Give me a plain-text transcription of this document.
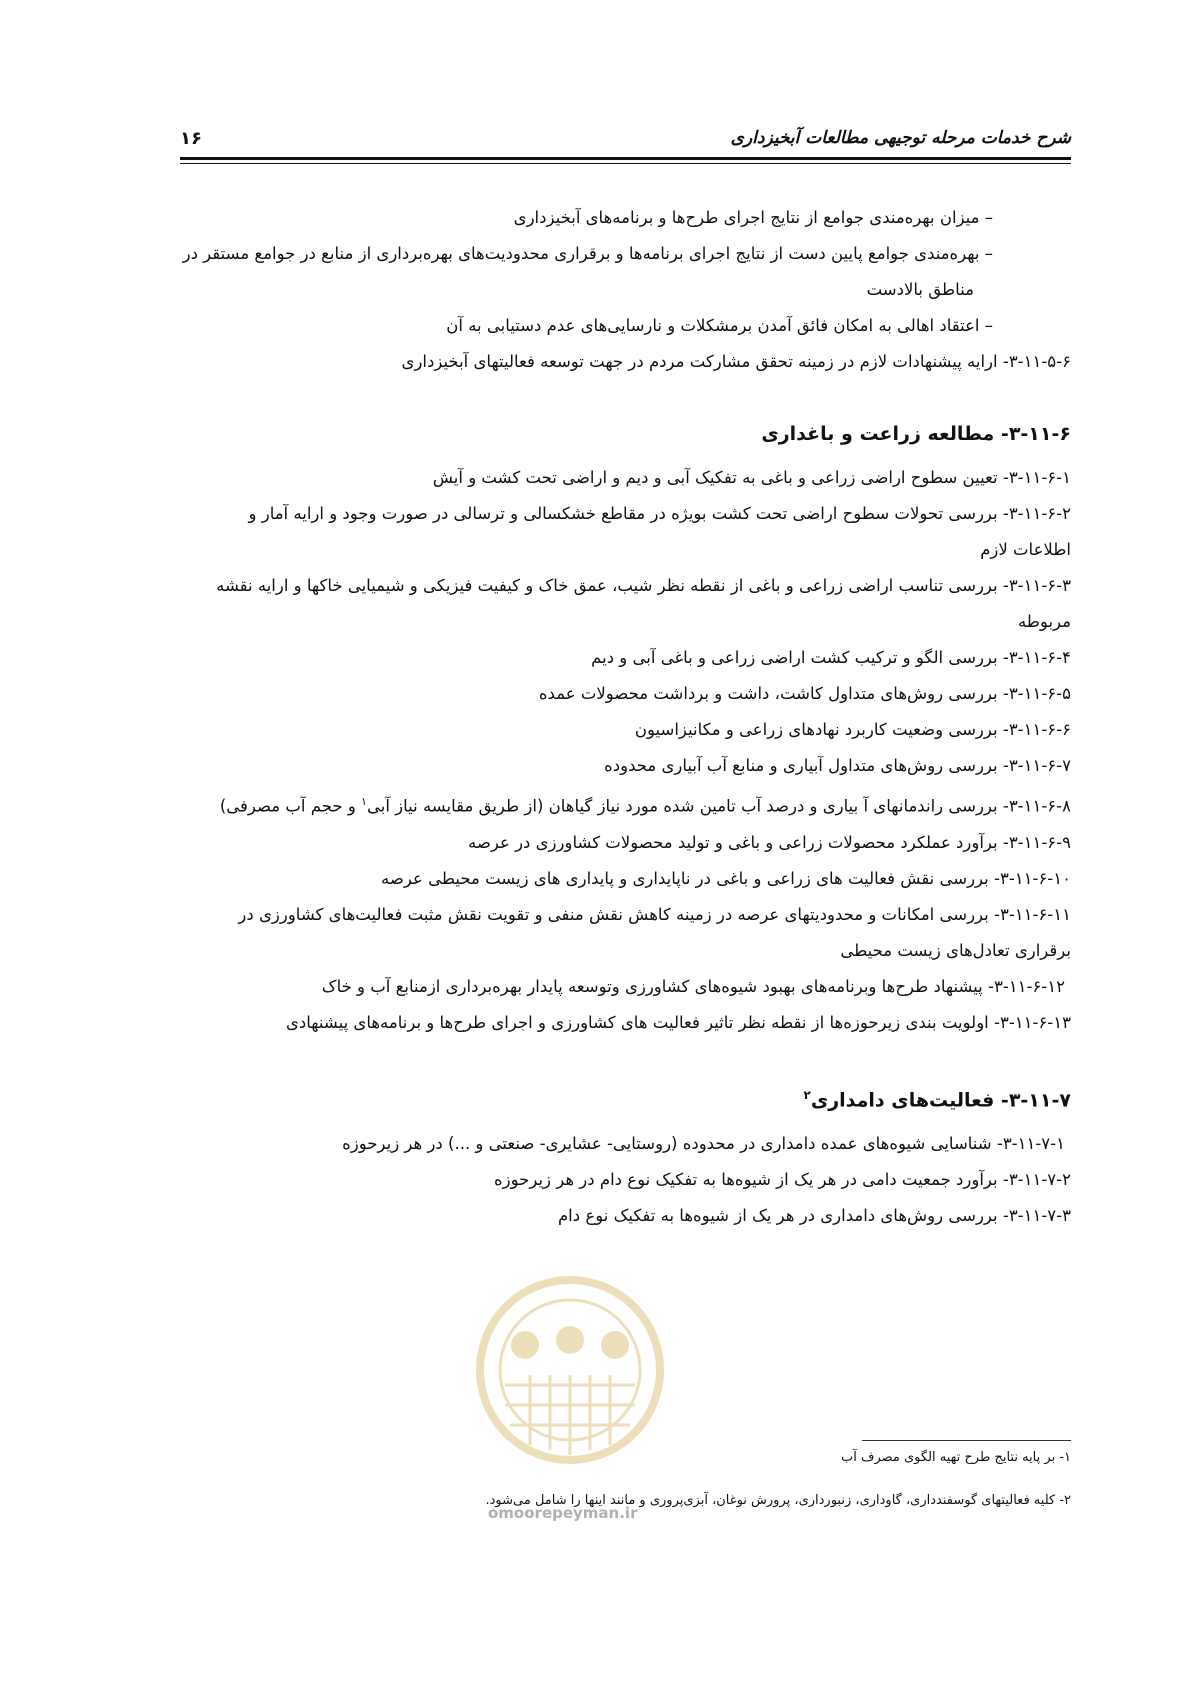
شرح خدمات مرحله توجیهی مطالعات آبخیزداری
۱۶
– میزان بهره‌مندی جوامع از نتایج اجرای طرح‌ها و برنامه‌های آبخیزداری
– بهره‌مندی جوامع پایین دست از نتایج اجرای برنامه‌ها و برقراری محدودیت‌های بهره‌برداری از منابع در جوامع مستقر در
مناطق بالادست
– اعتقاد اهالی به امکان فائق آمدن برمشکلات و نارسایی‌های عدم دستیابی به آن
۳-۱۱-۵-۶- ارایه پیشنهادات لازم در زمینه تحقق مشارکت مردم در جهت توسعه فعالیتهای آبخیزداری
۳-۱۱-۶- مطالعه زراعت و باغداری
۳-۱۱-۶-۱- تعیین سطوح اراضی زراعی و باغی به تفکیک آبی و دیم و اراضی تحت کشت و آیش
۳-۱۱-۶-۲- بررسی تحولات سطوح اراضی تحت کشت بویژه در مقاطع خشکسالی و ترسالی در صورت وجود و ارایه آمار و
اطلاعات لازم
۳-۱۱-۶-۳- بررسی تناسب اراضی زراعی و باغی از نقطه نظر شیب، عمق خاک و کیفیت فیزیکی و شیمیایی خاکها و ارایه نقشه
مربوطه
۳-۱۱-۶-۴- بررسی الگو و ترکیب کشت اراضی زراعی و باغی آبی و دیم
۳-۱۱-۶-۵- بررسی روش‌های متداول کاشت، داشت و برداشت محصولات عمده
۳-۱۱-۶-۶- بررسی وضعیت کاربرد نهادهای زراعی و مکانیزاسیون
۳-۱۱-۶-۷- بررسی روش‌های متداول آبیاری و منابع آب آبیاری محدوده
۳-۱۱-۶-۸- بررسی راندمانهای آ بیاری و درصد آب تامین شده مورد نیاز گیاهان (از طریق مقایسه نیاز آبی$^۱$ و حجم آب مصرفی)
۳-۱۱-۶-۹- برآورد عملکرد محصولات زراعی و باغی و تولید محصولات کشاورزی در عرصه
۳-۱۱-۶-۱۰- بررسی نقش فعالیت های زراعی و باغی در ناپایداری و پایداری های زیست محیطی عرصه
۳-۱۱-۶-۱۱- بررسی امکانات و محدودیتهای عرصه در زمینه کاهش نقش منفی و تقویت نقش مثبت فعالیت‌های کشاورزی در
برقراری تعادل‌های زیست محیطی
۳-۱۱-۶-۱۲- پیشنهاد طرح‌ها وبرنامه‌های بهبود شیوه‌های کشاورزی وتوسعه پایدار بهره‌برداری ازمنابع آب و خاک
۳-۱۱-۶-۱۳- اولویت بندی زیرحوزه‌ها از نقطه نظر تاثیر فعالیت های کشاورزی و اجرای طرح‌ها و برنامه‌های پیشنهادی
۳-۱۱-۷- فعالیت‌های دامداری$^۲$
۳-۱۱-۷-۱- شناسایی شیوه‌های عمده دامداری در محدوده (روستایی- عشایری- صنعتی و ...) در هر زیرحوزه
۳-۱۱-۷-۲- برآورد جمعیت دامی در هر یک از شیوه‌ها به تفکیک نوع دام در هر زیرحوزه
۳-۱۱-۷-۳- بررسی روش‌های دامداری در هر یک از شیوه‌ها به تفکیک نوع دام
۱- بر پایه نتایج طرح تهیه الگوی مصرف آب
۲- کلیه فعالیتهای گوسفندداری، گاوداری، زنبورداری، پرورش نوغان، آبزی‌پروری و مانند اینها را شامل می‌شود.
omoorepeyman.ir
